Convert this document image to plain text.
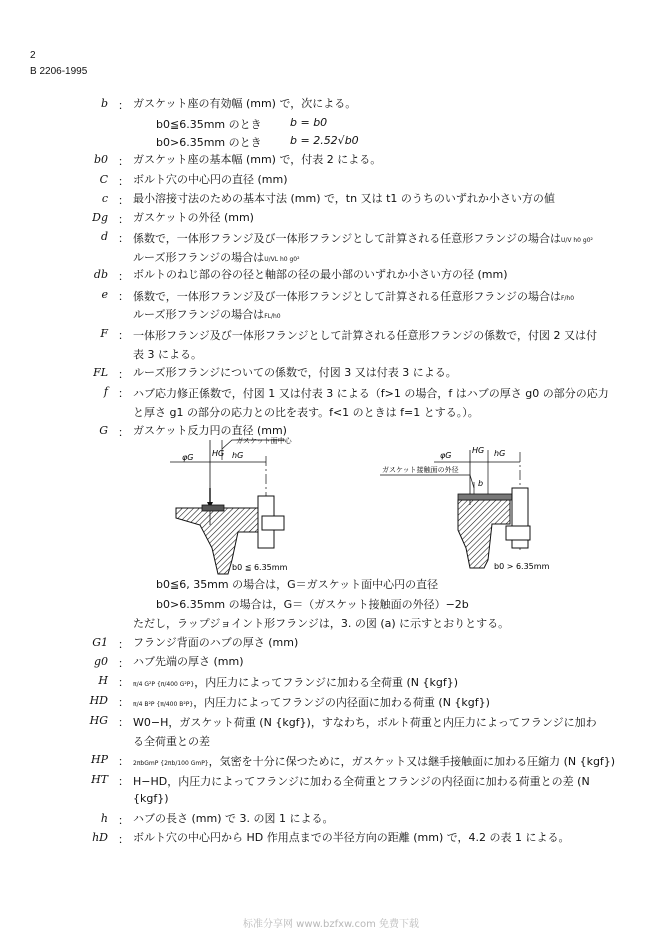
2
B 2206-1995
b ： ガスケット座の有効幅 (mm) で，次による。
b0≦6.35mm のとき	b = b0
b0>6.35mm のとき	b = 2.52√b0
b0 ： ガスケット座の基本幅 (mm) で，付表 2 による。
C ： ボルト穴の中心円の直径 (mm)
c ： 最小溶接寸法のための基本寸法 (mm) で，tn 又は t1 のうちのいずれか小さい方の値
Dg ： ガスケットの外径 (mm)
d ： 係数で，一体形フランジ及び一体形フランジとして計算される任意形フランジの場合はU/V h0 g0²
ルーズ形フランジの場合はU/VL h0 g0²
db ： ボルトのねじ部の谷の径と軸部の径の最小部のいずれか小さい方の径 (mm)
e ： 係数で，一体形フランジ及び一体形フランジとして計算される任意形フランジの場合はF/h0
ルーズ形フランジの場合はFL/h0
F ： 一体形フランジ及び一体形フランジとして計算される任意形フランジの係数で，付図 2 又は付
表 3 による。
FL ： ルーズ形フランジについての係数で，付図 3 又は付表 3 による。
f ： ハブ応力修正係数で，付図 1 又は付表 3 による（f>1 の場合，f はハブの厚さ g0 の部分の応力
と厚さ g1 の部分の応力との比を表す。f<1 のときは f=1 とする。）。
G ： ガスケット反力円の直径 (mm)
ガスケット面中心
φG HG hG
b0 ≦ 6.35mm
φG
HG hG
ガスケット接触面の外径
b
b0 > 6.35mm
b0≦6, 35mm の場合は，G＝ガスケット面中心円の直径
b0>6.35mm の場合は，G＝（ガスケット接触面の外径）−2b
ただし，ラップジョイント形フランジは，3. の図 (a) に示すとおりとする。
G1 ： フランジ背面のハブの厚さ (mm)
g0 ： ハブ先端の厚さ (mm)
H ： π/4 G²P {π/400 G²P}，内圧力によってフランジに加わる全荷重 (N {kgf})
HD ： π/4 B²P {π/400 B²P}，内圧力によってフランジの内径面に加わる荷重 (N {kgf})
HG ： W0−H，ガスケット荷重 (N {kgf})，すなわち，ボルト荷重と内圧力によってフランジに加わ
る全荷重との差
HP ： 2πbGmP {2πb/100 GmP}，気密を十分に保つために，ガスケット又は継手接触面に加わる圧縮力 (N {kgf})
HT ： H−HD，内圧力によってフランジに加わる全荷重とフランジの内径面に加わる荷重との差 (N
{kgf})
h ： ハブの長さ (mm) で 3. の図 1 による。
hD ： ボルト穴の中心円から HD 作用点までの半径方向の距離 (mm) で，4.2 の表 1 による。
标准分享网 www.bzfxw.com 免费下载
